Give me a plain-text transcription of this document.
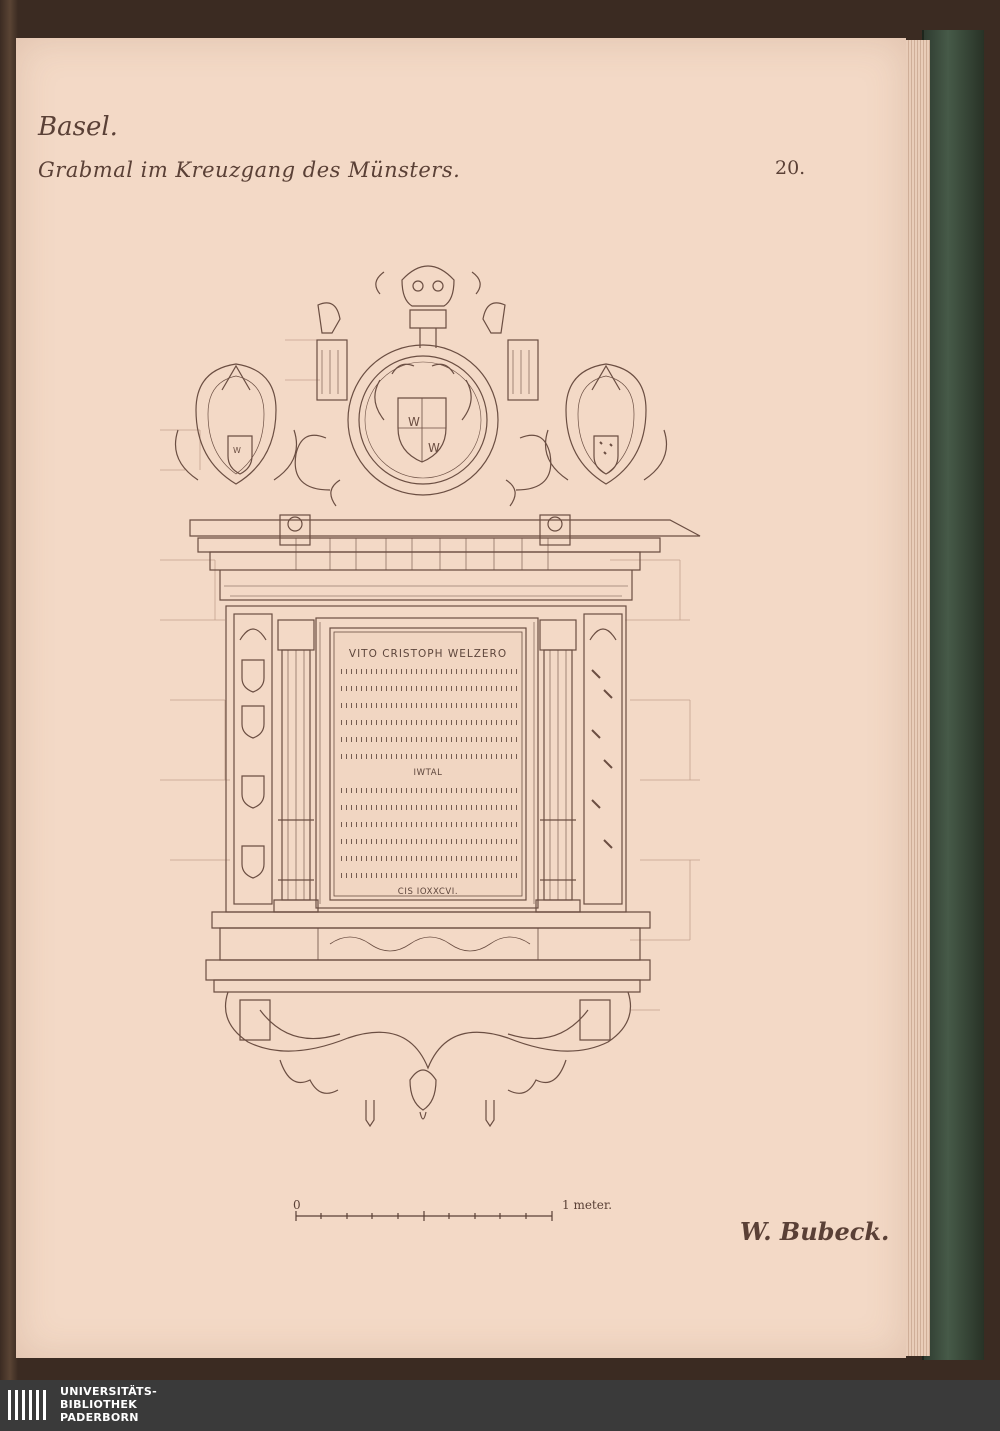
Basel.
Grabmal im Kreuzgang des Münsters.	20.
W
W
W
VITO CRISTOPH WELZERO
IWTAL
CIS IOXXCVI.
0	1 meter.
W. Bubeck.
UNIVERSITÄTS-
BIBLIOTHEK
PADERBORN
